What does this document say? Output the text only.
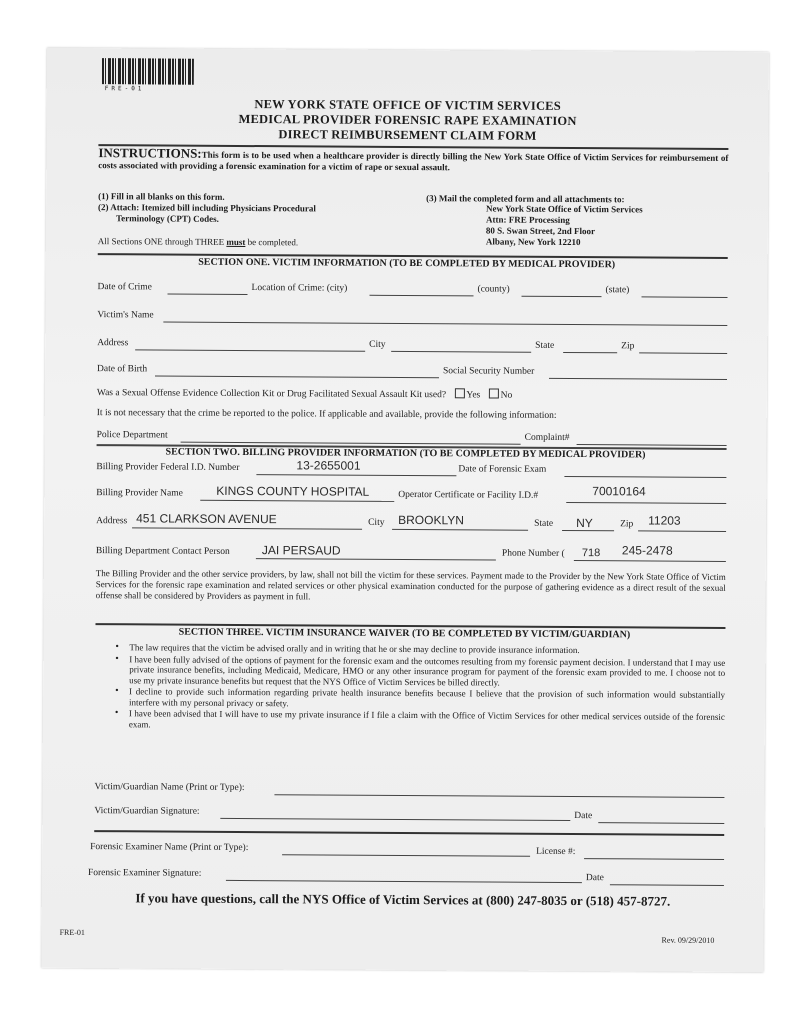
FRE-01
NEW YORK STATE OFFICE OF VICTIM SERVICES
MEDICAL PROVIDER FORENSIC RAPE EXAMINATION
DIRECT REIMBURSEMENT CLAIM FORM
INSTRUCTIONS:This form is to be used when a healthcare provider is directly billing the New York State Office of Victim Services for reimbursement of costs associated with providing a forensic examination for a victim of rape or sexual assault.
(1) Fill in all blanks on this form.
(2) Attach: Itemized bill including Physicians Procedural
Terminology (CPT) Codes.
All Sections ONE through THREE must be completed.
(3) Mail the completed form and all attachments to:
New York State Office of Victim Services
Attn: FRE Processing
80 S. Swan Street, 2nd Floor
Albany, New York 12210
SECTION ONE. VICTIM INFORMATION (TO BE COMPLETED BY MEDICAL PROVIDER)
Date of Crime	Location of Crime: (city)	(county)	(state)
Victim's Name
Address	City	State	Zip
Date of Birth	Social Security Number
Was a Sexual Offense Evidence Collection Kit or Drug Facilitated Sexual Assault Kit used? Yes No
It is not necessary that the crime be reported to the police. If applicable and available, provide the following information:
Police Department	Complaint#
SECTION TWO. BILLING PROVIDER INFORMATION (TO BE COMPLETED BY MEDICAL PROVIDER)
Billing Provider Federal I.D. Number	13-2655001	Date of Forensic Exam
Billing Provider Name	KINGS COUNTY HOSPITAL	Operator Certificate or Facility I.D.#	70010164
Address 451 CLARKSON AVENUE	City BROOKLYN	State NY	Zip 11203
Billing Department Contact Person	JAI PERSAUD	Phone Number ( 718 245-2478
The Billing Provider and the other service providers, by law, shall not bill the victim for these services. Payment made to the Provider by the New York State Office of Victim Services for the forensic rape examination and related services or other physical examination conducted for the purpose of gathering evidence as a direct result of the sexual offense shall be considered by Providers as payment in full.
SECTION THREE. VICTIM INSURANCE WAIVER (TO BE COMPLETED BY VICTIM/GUARDIAN)
• The law requires that the victim be advised orally and in writing that he or she may decline to provide insurance information.
• I have been fully advised of the options of payment for the forensic exam and the outcomes resulting from my forensic payment decision. I understand that I may use private insurance benefits, including Medicaid, Medicare, HMO or any other insurance program for payment of the forensic exam provided to me. I choose not to use my private insurance benefits but request that the NYS Office of Victim Services be billed directly.
• I decline to provide such information regarding private health insurance benefits because I believe that the provision of such information would substantially interfere with my personal privacy or safety.
• I have been advised that I will have to use my private insurance if I file a claim with the Office of Victim Services for other medical services outside of the forensic exam.
Victim/Guardian Name (Print or Type):
Victim/Guardian Signature:	Date
Forensic Examiner Name (Print or Type):	License #:
Forensic Examiner Signature:	Date
If you have questions, call the NYS Office of Victim Services at (800) 247-8035 or (518) 457-8727.
FRE-01
Rev. 09/29/2010
